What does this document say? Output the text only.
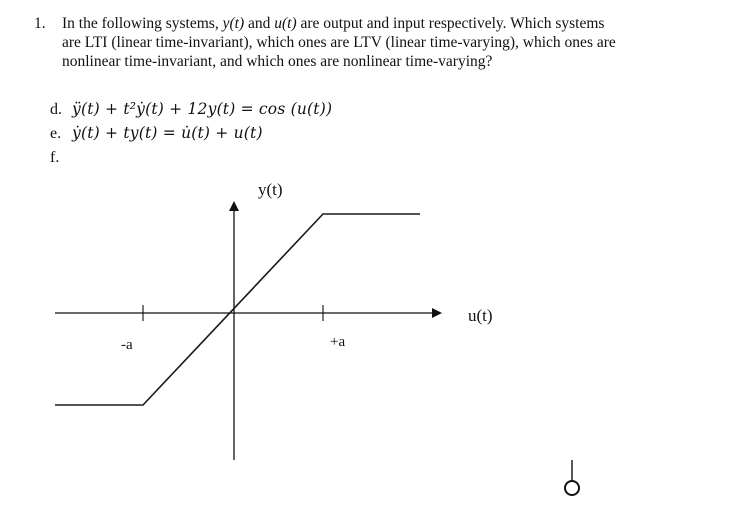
1. In the following systems, y(t) and u(t) are output and input respectively. Which systems
are LTI (linear time-invariant), which ones are LTV (linear time-varying), which ones are
nonlinear time-invariant, and which ones are nonlinear time-varying?
d. ÿ(t) + t²ẏ(t) + 12y(t) = cos (u(t))
e. ẏ(t) + ty(t) = u̇(t) + u(t)
f.
y(t)
u(t)
-a	+a
